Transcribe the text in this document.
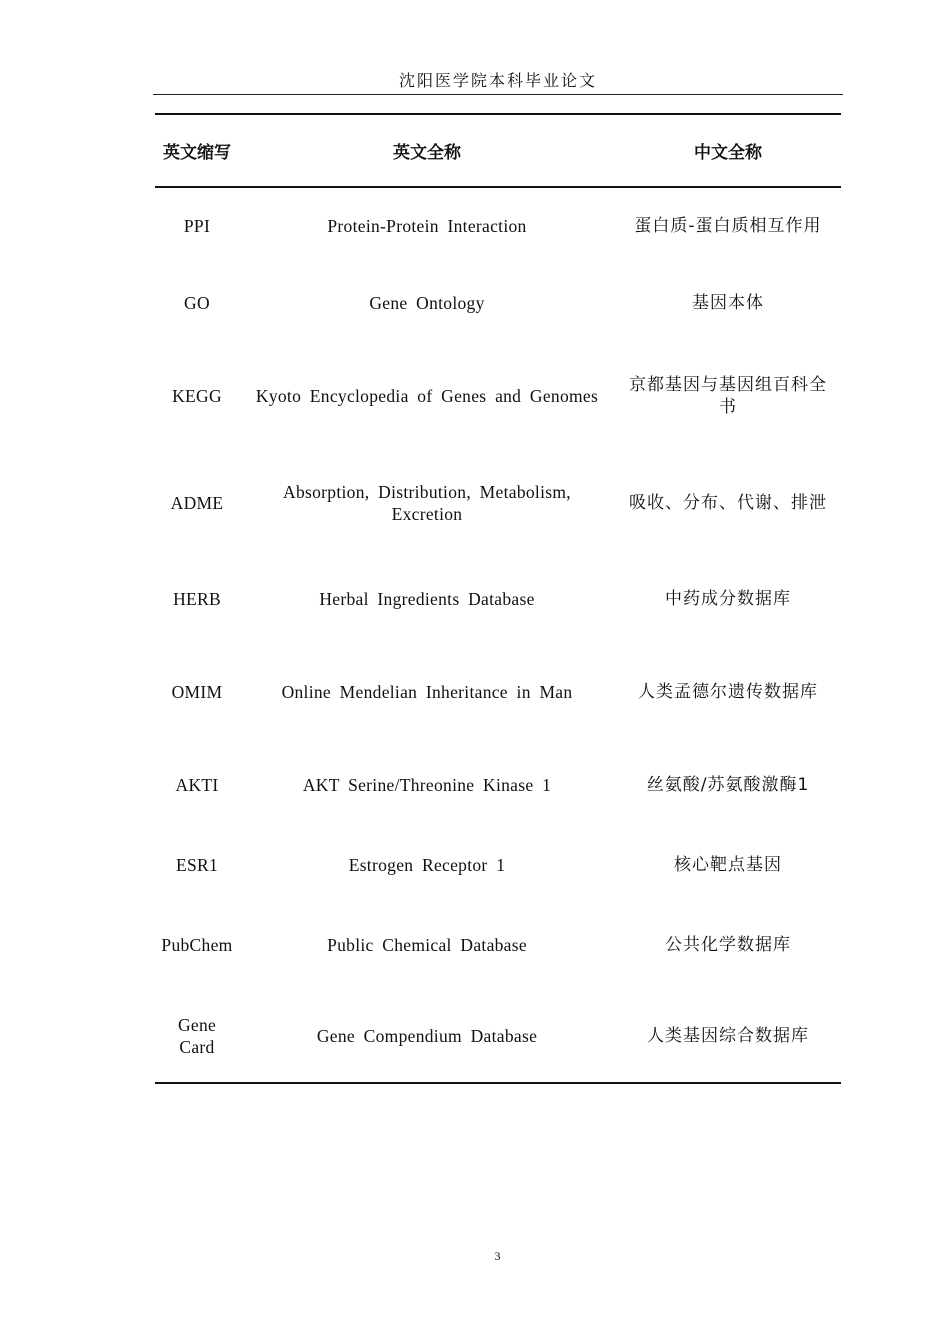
沈阳医学院本科毕业论文
英文缩写	英文全称	中文全称
PPI	Protein-Protein Interaction	蛋白质-蛋白质相互作用
GO	Gene Ontology	基因本体
KEGG	Kyoto Encyclopedia of Genes and Genomes	京都基因与基因组百科全书
ADME	Absorption, Distribution, Metabolism, Excretion	吸收、分布、代谢、排泄
HERB	Herbal Ingredients Database	中药成分数据库
OMIM	Online Mendelian Inheritance in Man	人类孟德尔遗传数据库
AKTI	AKT Serine/Threonine Kinase 1	丝氨酸/苏氨酸激酶1
ESR1	Estrogen Receptor 1	核心靶点基因
PubChem	Public Chemical Database	公共化学数据库
Gene Card	Gene Compendium Database	人类基因综合数据库
3
